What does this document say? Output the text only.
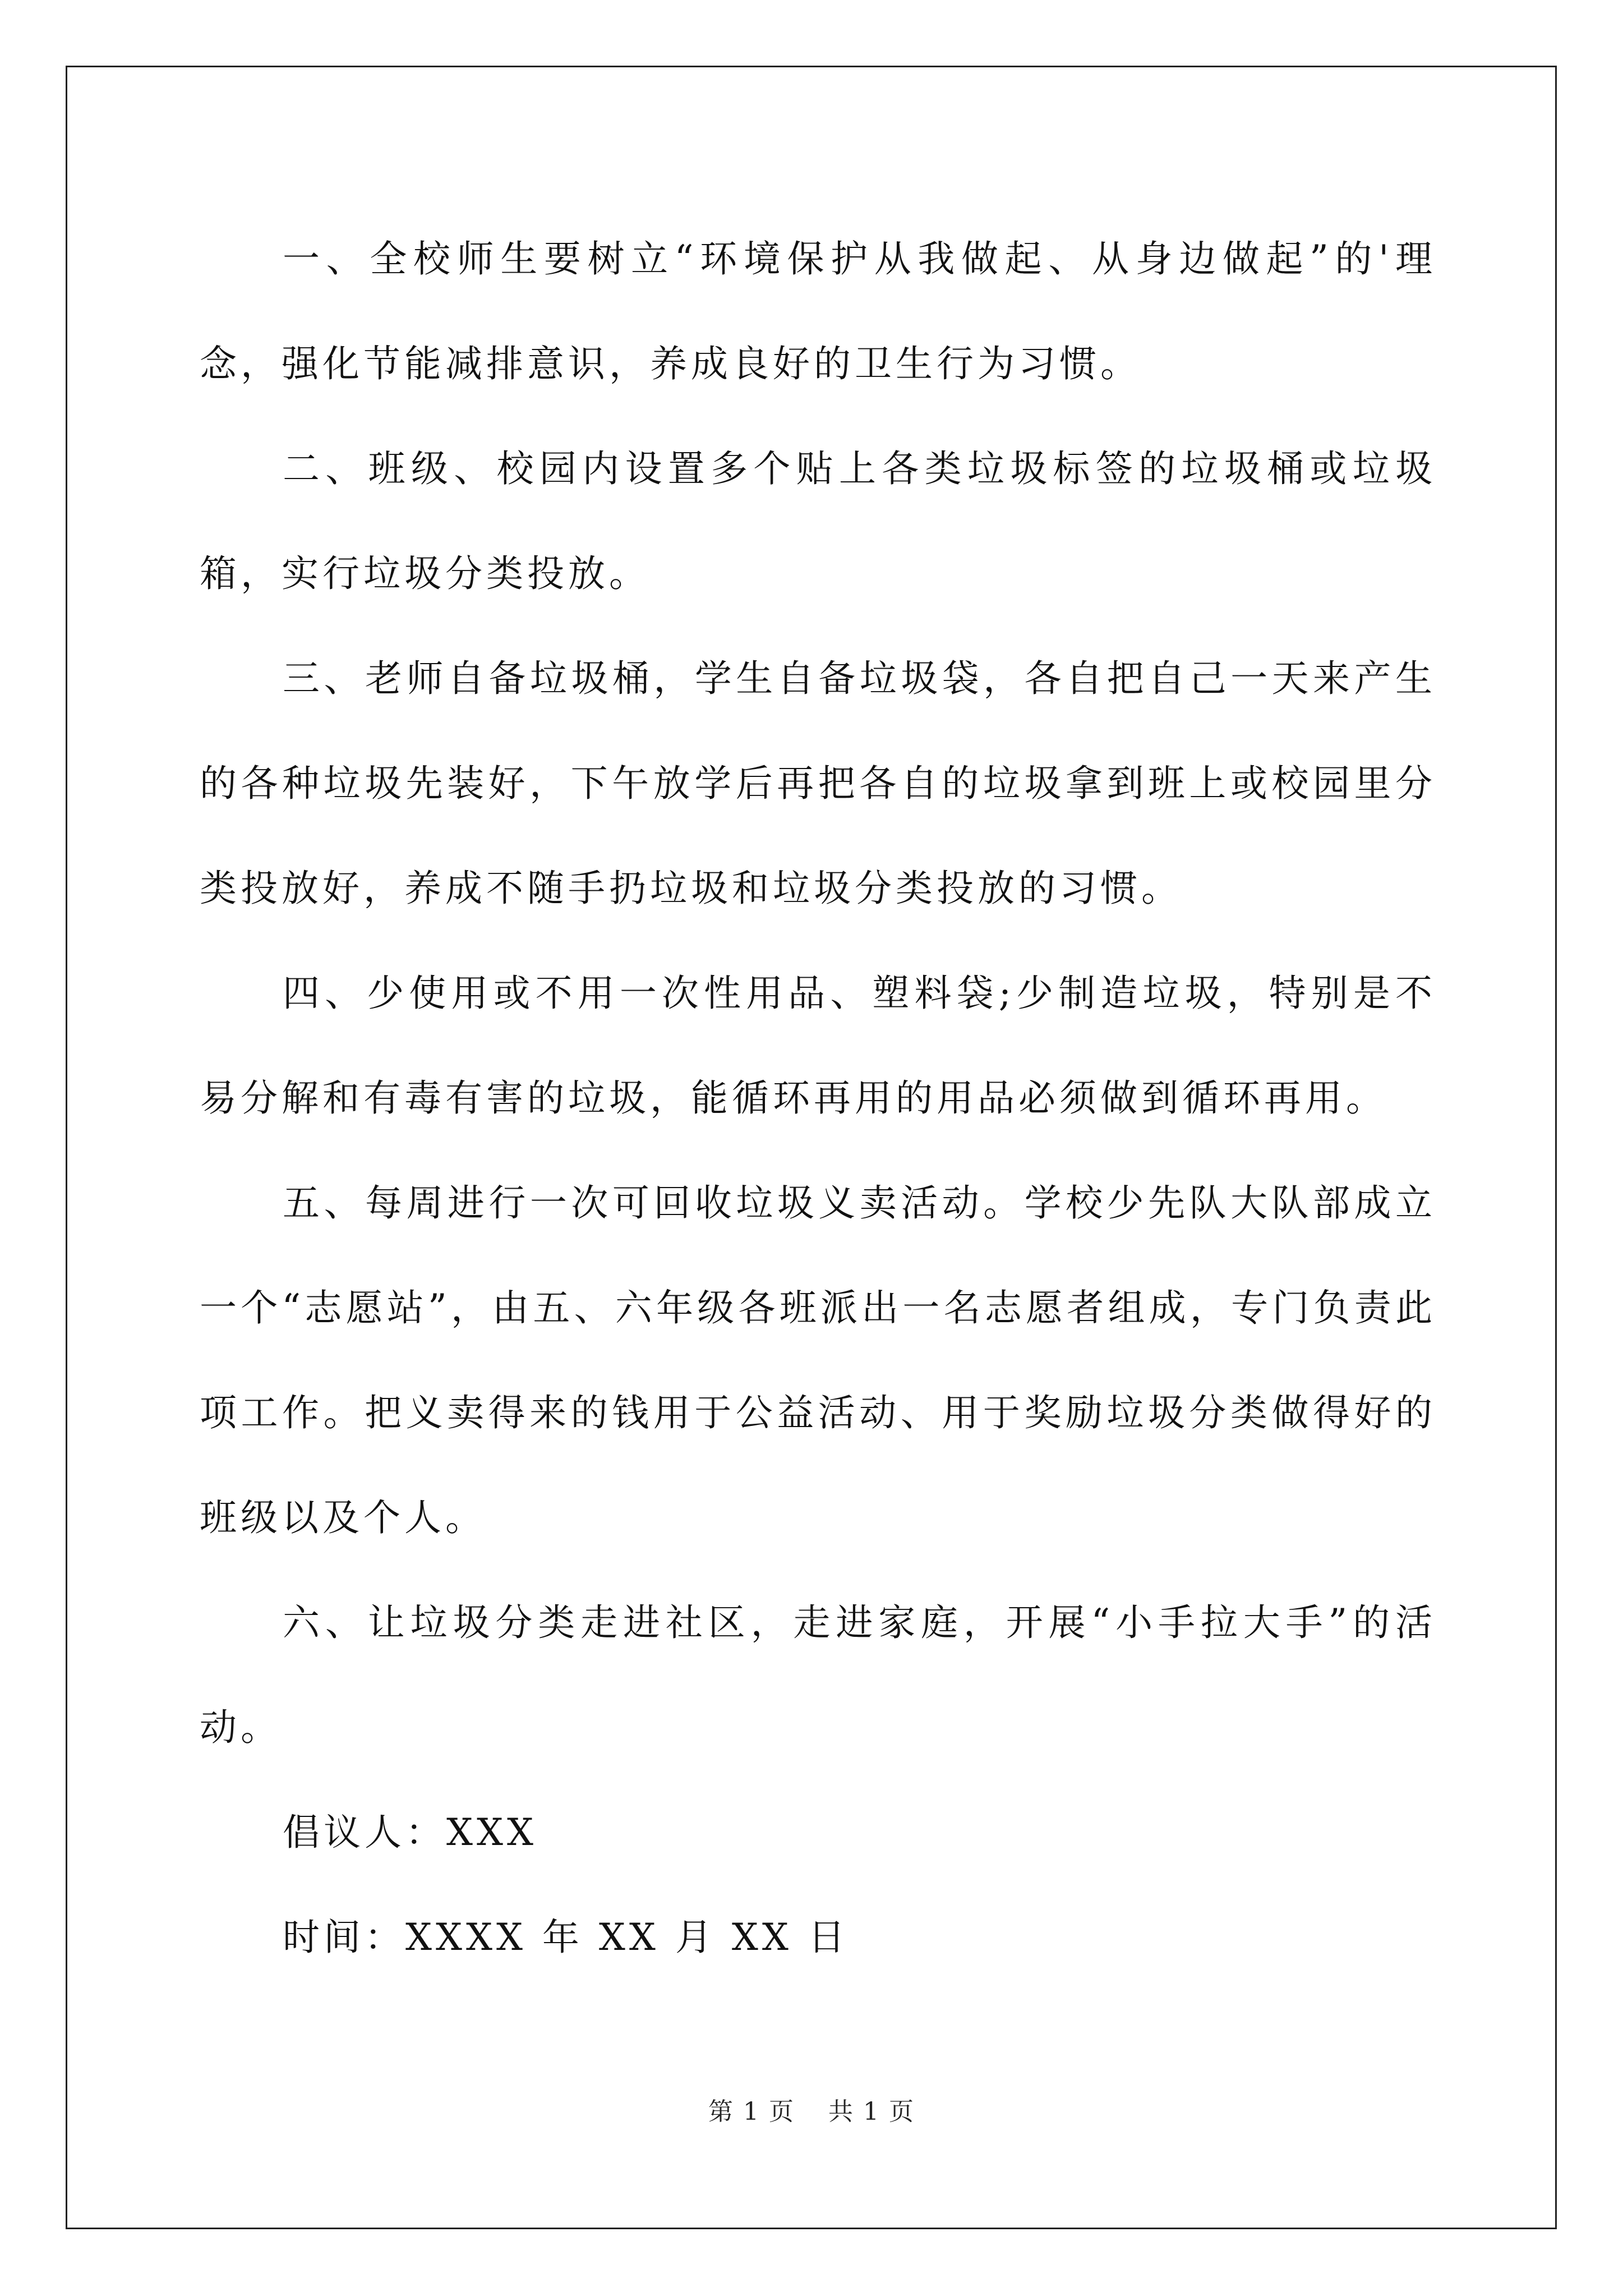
一、全校师生要树立“环境保护从我做起、从身边做起”的'理念，强化节能减排意识，养成良好的卫生行为习惯。

二、班级、校园内设置多个贴上各类垃圾标签的垃圾桶或垃圾箱，实行垃圾分类投放。

三、老师自备垃圾桶，学生自备垃圾袋，各自把自己一天来产生的各种垃圾先装好，下午放学后再把各自的垃圾拿到班上或校园里分类投放好，养成不随手扔垃圾和垃圾分类投放的习惯。

四、少使用或不用一次性用品、塑料袋;少制造垃圾，特别是不易分解和有毒有害的垃圾，能循环再用的用品必须做到循环再用。

五、每周进行一次可回收垃圾义卖活动。学校少先队大队部成立一个“志愿站”，由五、六年级各班派出一名志愿者组成，专门负责此项工作。把义卖得来的钱用于公益活动、用于奖励垃圾分类做得好的班级以及个人。

六、让垃圾分类走进社区，走进家庭，开展“小手拉大手”的活动。

倡议人：XXX

时间：XXXX 年 XX 月 XX 日

第 1 页 共 1 页
